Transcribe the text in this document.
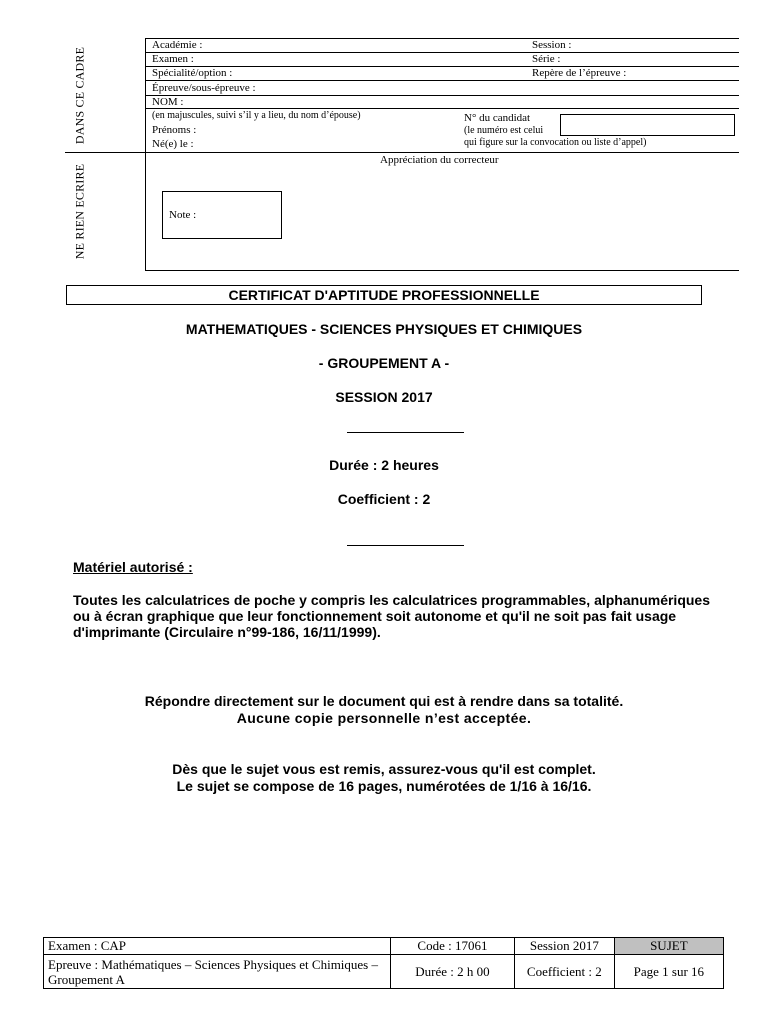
DANS CE CADRE
NE RIEN ECRIRE
Académie :	Session :
Examen :	Série :
Spécialité/option :	Repère de l’épreuve :
Épreuve/sous-épreuve :
NOM :
(en majuscules, suivi s’il y a lieu, du nom d’épouse)
Prénoms :
Né(e) le :
N° du candidat
(le numéro est celui
qui figure sur la convocation ou liste d’appel)
Appréciation du correcteur
Note :
CERTIFICAT D'APTITUDE PROFESSIONNELLE
MATHEMATIQUES - SCIENCES PHYSIQUES ET CHIMIQUES
- GROUPEMENT A -
SESSION 2017
Durée : 2 heures
Coefficient : 2
Matériel autorisé :
Toutes les calculatrices de poche y compris les calculatrices programmables, alphanumériques ou à écran graphique que leur fonctionnement soit autonome et qu'il ne soit pas fait usage d'imprimante (Circulaire n°99-186, 16/11/1999).
Répondre directement sur le document qui est à rendre dans sa totalité.
Aucune copie personnelle n’est acceptée.
Dès que le sujet vous est remis, assurez-vous qu'il est complet.
Le sujet se compose de 16 pages, numérotées de 1/16 à 16/16.
Examen : CAP	Code : 17061	Session 2017	SUJET
Epreuve : Mathématiques – Sciences Physiques et Chimiques – Groupement A	Durée : 2 h 00	Coefficient : 2	Page 1 sur 16
